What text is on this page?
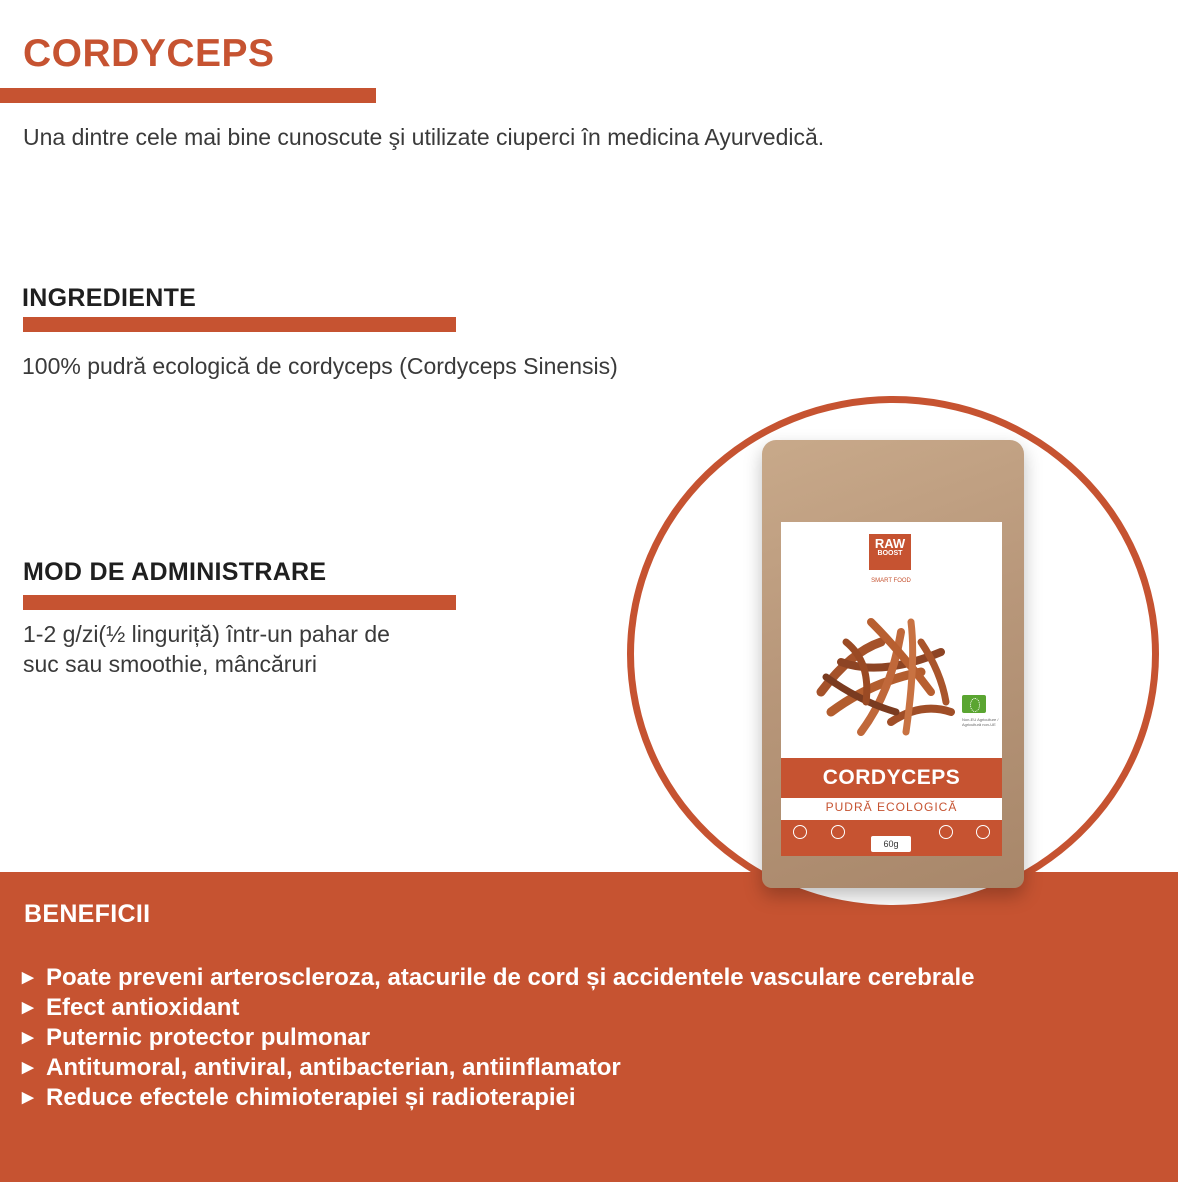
CORDYCEPS

Una dintre cele mai bine cunoscute şi utilizate ciuperci în medicina Ayurvedică.

INGREDIENTE

100% pudră ecologică de cordyceps (Cordyceps Sinensis)

MOD DE ADMINISTRARE

1-2 g/zi(½ linguriță) într-un pahar de

suc sau smoothie, mâncăruri

BENEFICII
▶ Poate preveni arteroscleroza, atacurile de cord și accidentele vasculare cerebrale
▶ Efect antioxidant
▶ Puternic protector pulmonar
▶ Antitumoral, antiviral, antibacterian, antiinflamator
▶ Reduce efectele chimioterapiei și radioterapiei
RAW
BOOST
SMART FOOD
Non-EU Agriculture / Agricultură non-UE
CORDYCEPS
PUDRĂ ECOLOGICĂ
60g
